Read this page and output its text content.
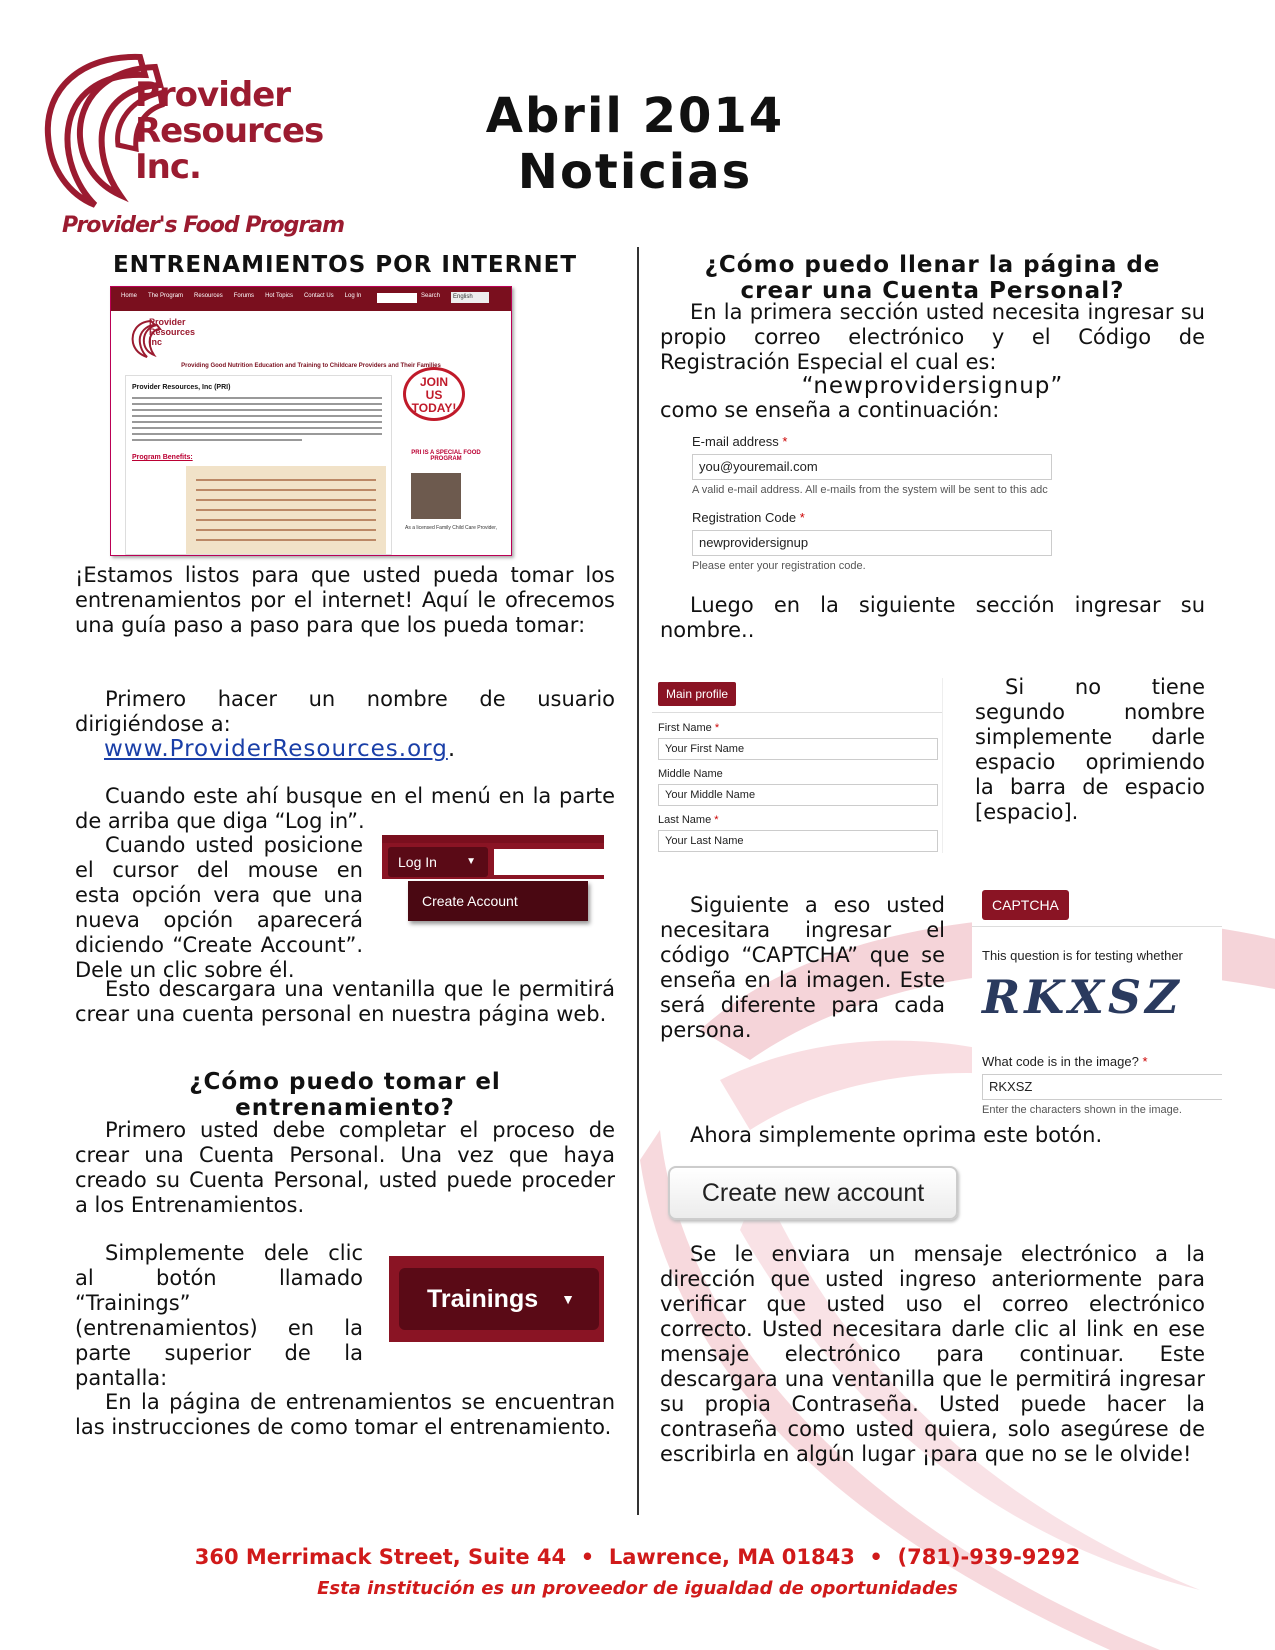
Provider
Resources
Inc.
Provider's Food Program
Abril 2014
Noticias
ENTRENAMIENTOS POR INTERNET
Home The Program Resources Forums Hot Topics Contact Us Log In	Search	English
Provider Resources Inc
Providing Good Nutrition Education and Training to Childcare Providers and Their Families
Provider Resources, Inc (PRI)
Program Benefits:
JOIN
US
TODAY!
PRI IS A SPECIAL FOOD PROGRAM
As a licensed Family Child Care Provider,

¡Estamos listos para que usted pueda tomar los entrenamientos por el internet! Aquí le ofrecemos una guía paso a paso para que los pueda tomar:

Primero hacer un nombre de usuario dirigiéndose a:

www.ProviderResources.org.

Cuando este ahí busque en el menú en la parte de arriba que diga “Log in”.

Cuando usted posicione el cursor del mouse en esta opción vera que una nueva opción aparecerá diciendo “Create Account”. Dele un clic sobre él.

Log In	▼
Create Account

Esto descargara una ventanilla que le permitirá crear una cuenta personal en nuestra página web.

¿Cómo puedo tomar el
entrenamiento?

Primero usted debe completar el proceso de crear una Cuenta Personal. Una vez que haya creado su Cuenta Personal, usted puede proceder a los Entrenamientos.

Simplemente dele clic al botón llamado “Trainings” (entrenamientos) en la parte superior de la pantalla:

Trainings ▼

En la página de entrenamientos se encuentran las instrucciones de como tomar el entrenamiento.

¿Cómo puedo llenar la página de
crear una Cuenta Personal?

En la primera sección usted necesita ingresar su propio correo electrónico y el Código de Registración Especial el cual es:

“newprovidersignup”

como se enseña a continuación:

E-mail address *
you@youremail.com
A valid e-mail address. All e-mails from the system will be sent to this adc
Registration Code *
newprovidersignup
Please enter your registration code.

Luego en la siguiente sección ingresar su nombre..

Main profile
First Name *
Your First Name
Middle Name
Your Middle Name
Last Name *
Your Last Name

Si no tiene segundo nombre simplemente darle espacio oprimiendo la barra de espacio [espacio].

Siguiente a eso usted necesitara ingresar el código “CAPTCHA” que se enseña en la imagen. Este será diferente para cada persona.

CAPTCHA
This question is for testing whether
RKXSZ
What code is in the image? *
RKXSZ
Enter the characters shown in the image.

Ahora simplemente oprima este botón.

Create new account

Se le enviara un mensaje electrónico a la dirección que usted ingreso anteriormente para verificar que usted uso el correo electrónico correcto. Usted necesitara darle clic al link en ese mensaje electrónico para continuar. Este descargara una ventanilla que le permitirá ingresar su propia Contraseña. Usted puede hacer la contraseña como usted quiera, solo asegúrese de escribirla en algún lugar ¡para que no se le olvide!

360 Merrimack Street, Suite 44  •  Lawrence, MA 01843  •  (781)-939-9292
Esta institución es un proveedor de igualdad de oportunidades
